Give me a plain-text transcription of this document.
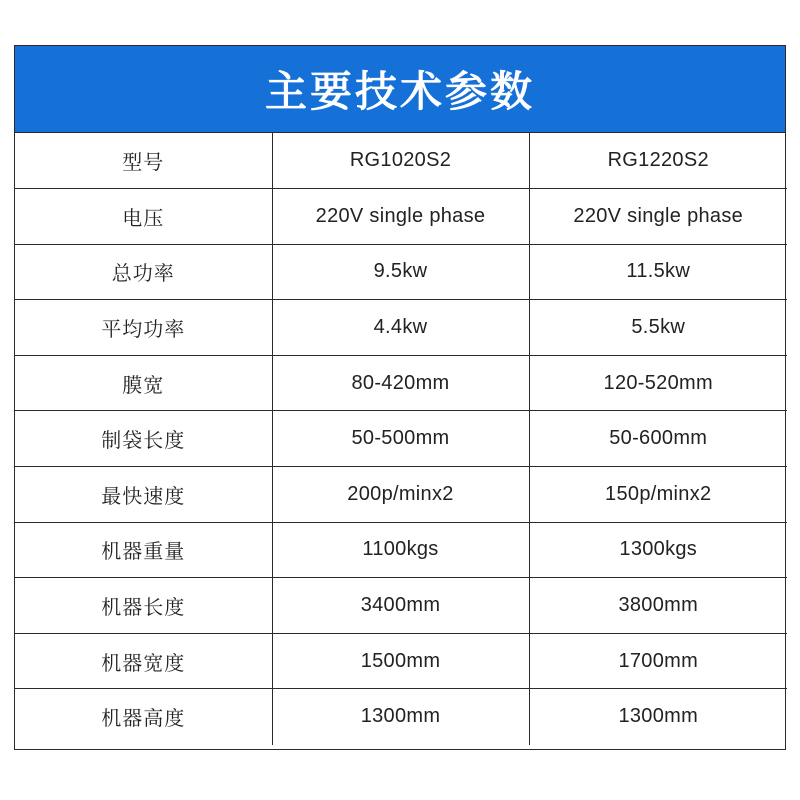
主要技术参数
型号	RG1020S2	RG1220S2
电压	220V single phase	220V single phase
总功率	9.5kw	11.5kw
平均功率	4.4kw	5.5kw
膜宽	80-420mm	120-520mm
制袋长度	50-500mm	50-600mm
最快速度	200p/minx2	150p/minx2
机器重量	1100kgs	1300kgs
机器长度	3400mm	3800mm
机器宽度	1500mm	1700mm
机器高度	1300mm	1300mm
